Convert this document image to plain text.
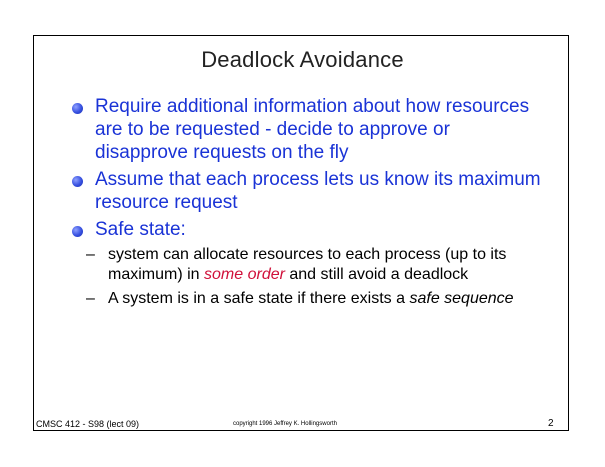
Deadlock Avoidance
Require additional information about how resources are to be requested - decide to approve or disapprove requests on the fly
Assume that each process lets us know its maximum resource request
Safe state:
– system can allocate resources to each process (up to its maximum) in some order and still avoid a deadlock
– A system is in a safe state if there exists a safe sequence
CMSC 412 - S98 (lect 09)	copyright 1996 Jeffrey K. Hollingsworth	2
